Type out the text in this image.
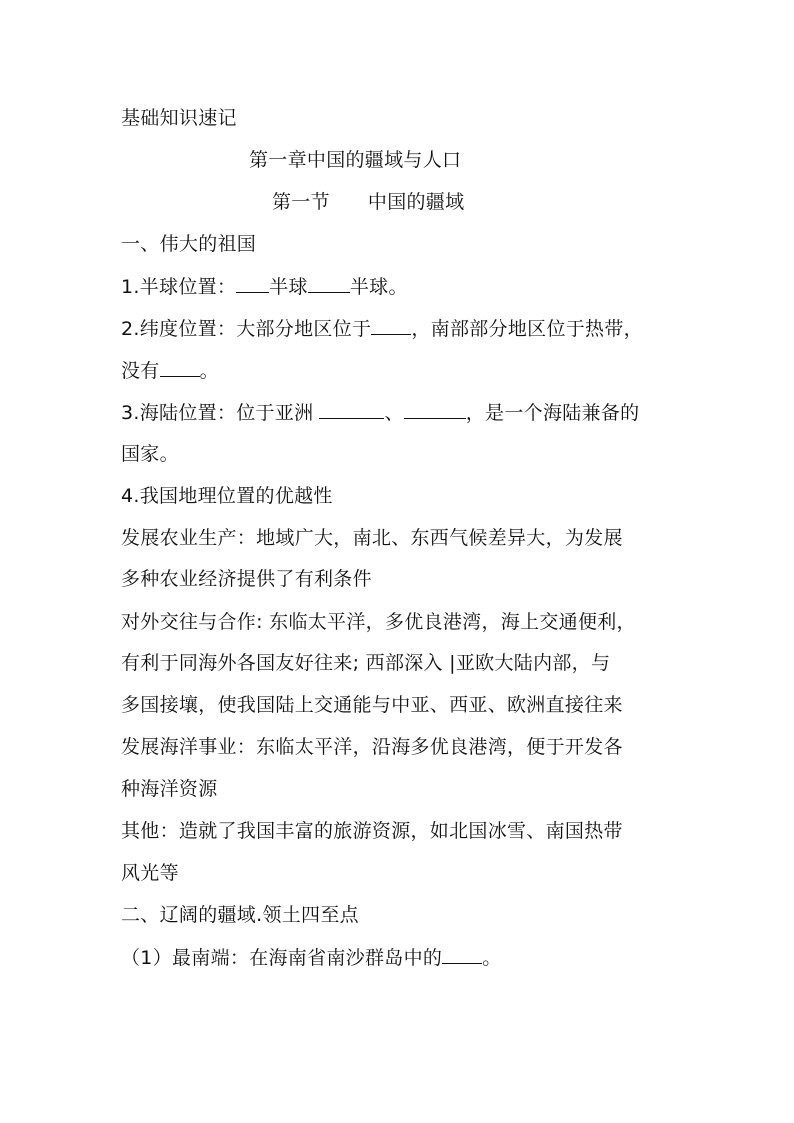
基础知识速记
第一章中国的疆域与人口
第一节 中国的疆域
一、伟大的祖国
1.半球位置： 半球 半球。
2.纬度位置：大部分地区位于 ，南部部分地区位于热带，
没有 。
3.海陆位置：位于亚洲	、	，是一个海陆兼备的
国家。
4.我国地理位置的优越性
发展农业生产：地域广大，南北、东西气候差异大，为发展
多种农业经济提供了有利条件
对外交往与合作: 东临太平洋，多优良港湾，海上交通便利，
有利于同海外各国友好往来; 西部深入 |亚欧大陆内部，与
多国接壤，使我国陆上交通能与中亚、西亚、欧洲直接往来
发展海洋事业：东临太平洋，沿海多优良港湾，便于开发各
种海洋资源
其他：造就了我国丰富的旅游资源，如北国冰雪、南国热带
风光等
二、辽阔的疆域.领土四至点
（1）最南端：在海南省南沙群岛中的 。
